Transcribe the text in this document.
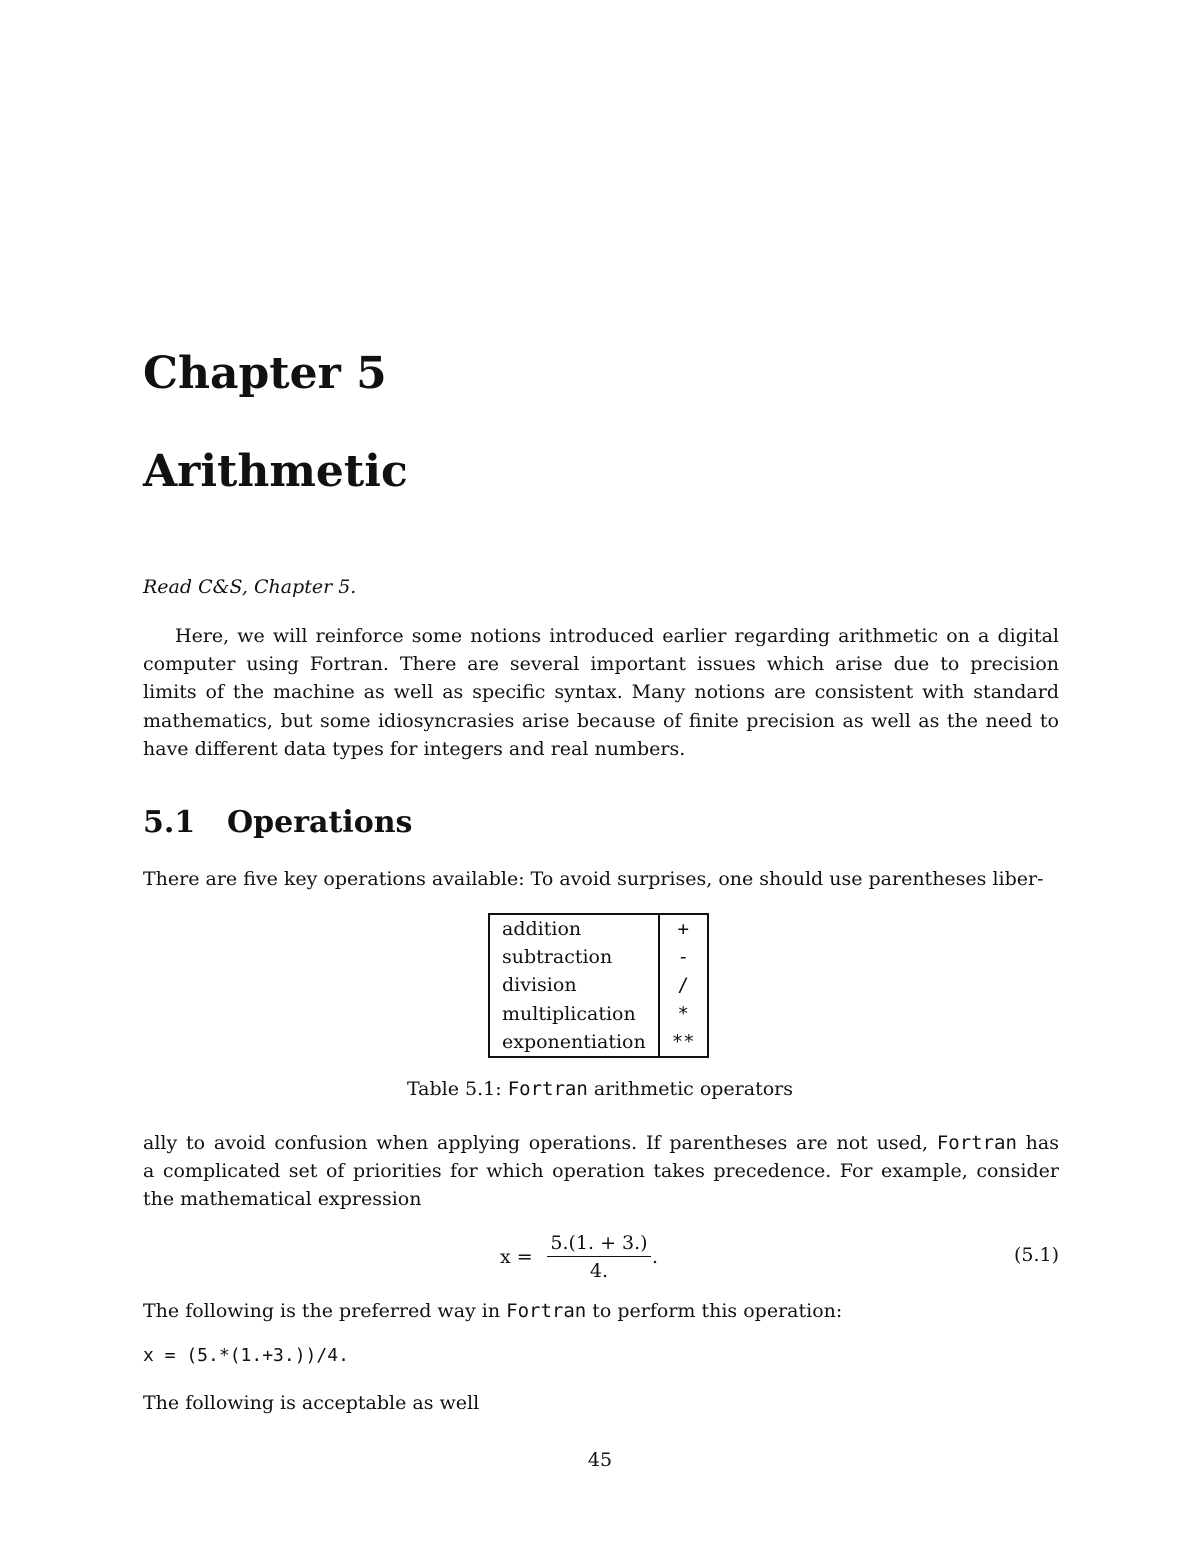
Chapter 5
Arithmetic

Read C&S, Chapter 5.

Here, we will reinforce some notions introduced earlier regarding arithmetic on a digital
computer using Fortran. There are several important issues which arise due to precision
limits of the machine as well as specific syntax. Many notions are consistent with standard
mathematics, but some idiosyncrasies arise because of finite precision as well as the need to
have different data types for integers and real numbers.
5.1 Operations
There are five key operations available: To avoid surprises, one should use parentheses liber-
addition	+
subtraction	-
division	/
multiplication	*
exponentiation	**

Table 5.1: Fortran arithmetic operators

ally to avoid confusion when applying operations. If parentheses are not used, Fortran has
a complicated set of priorities for which operation takes precedence. For example, consider
the mathematical expression
$x = \frac{5.(1. + 3.)}{4.}$ .	(5.1)
The following is the preferred way in Fortran to perform this operation:
x = (5.*(1.+3.))/4.
The following is acceptable as well

45
